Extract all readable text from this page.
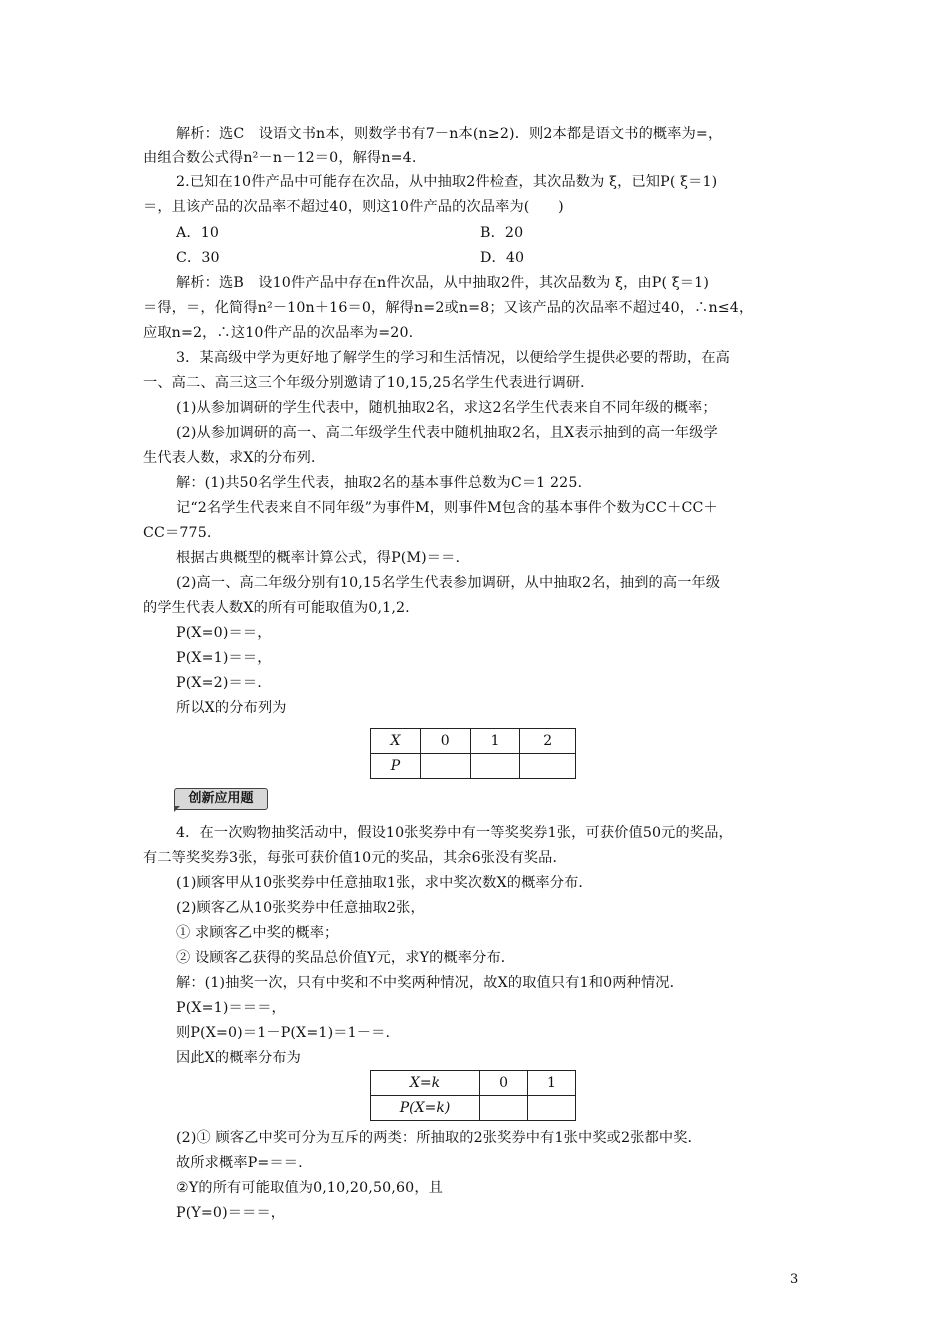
解析：选C　设语文书n本，则数学书有7－n本(n≥2)．则2本都是语文书的概率为=，
由组合数公式得n²－n－12＝0，解得n=4.
2.已知在10件产品中可能存在次品，从中抽取2件检查，其次品数为 ξ，已知P( ξ＝1)
＝，且该产品的次品率不超过40，则这10件产品的次品率为(　　)
A．10	B．20
C．30	D．40
解析：选B　设10件产品中存在n件次品，从中抽取2件，其次品数为 ξ，由P( ξ＝1)
＝得，＝，化简得n²－10n＋16＝0，解得n=2或n=8；又该产品的次品率不超过40，∴n≤4，
应取n=2，∴这10件产品的次品率为=20.
3．某高级中学为更好地了解学生的学习和生活情况，以便给学生提供必要的帮助，在高
一、高二、高三这三个年级分别邀请了10,15,25名学生代表进行调研．
(1)从参加调研的学生代表中，随机抽取2名，求这2名学生代表来自不同年级的概率；
(2)从参加调研的高一、高二年级学生代表中随机抽取2名，且X表示抽到的高一年级学
生代表人数，求X的分布列．
解：(1)共50名学生代表，抽取2名的基本事件总数为C＝1 225.
记“2名学生代表来自不同年级”为事件M，则事件M包含的基本事件个数为CC＋CC＋
CC＝775.
根据古典概型的概率计算公式，得P(M)＝＝.
(2)高一、高二年级分别有10,15名学生代表参加调研，从中抽取2名，抽到的高一年级
的学生代表人数X的所有可能取值为0,1,2.
P(X=0)＝＝，
P(X=1)＝＝，
P(X=2)＝＝.
所以X的分布列为
X	0	1	2
P			
创新应用题
4．在一次购物抽奖活动中，假设10张奖券中有一等奖奖券1张，可获价值50元的奖品，
有二等奖奖券3张，每张可获价值10元的奖品，其余6张没有奖品．
(1)顾客甲从10张奖券中任意抽取1张，求中奖次数X的概率分布．
(2)顾客乙从10张奖券中任意抽取2张，
① 求顾客乙中奖的概率；
② 设顾客乙获得的奖品总价值Y元，求Y的概率分布．
解：(1)抽奖一次，只有中奖和不中奖两种情况，故X的取值只有1和0两种情况．
P(X=1)＝＝＝，
则P(X=0)＝1－P(X=1)＝1－＝.
因此X的概率分布为
X=k	0	1
P(X=k)		
(2)① 顾客乙中奖可分为互斥的两类：所抽取的2张奖券中有1张中奖或2张都中奖．
故所求概率P=＝＝.
②Y的所有可能取值为0,10,20,50,60，且
P(Y=0)＝＝＝，
3
